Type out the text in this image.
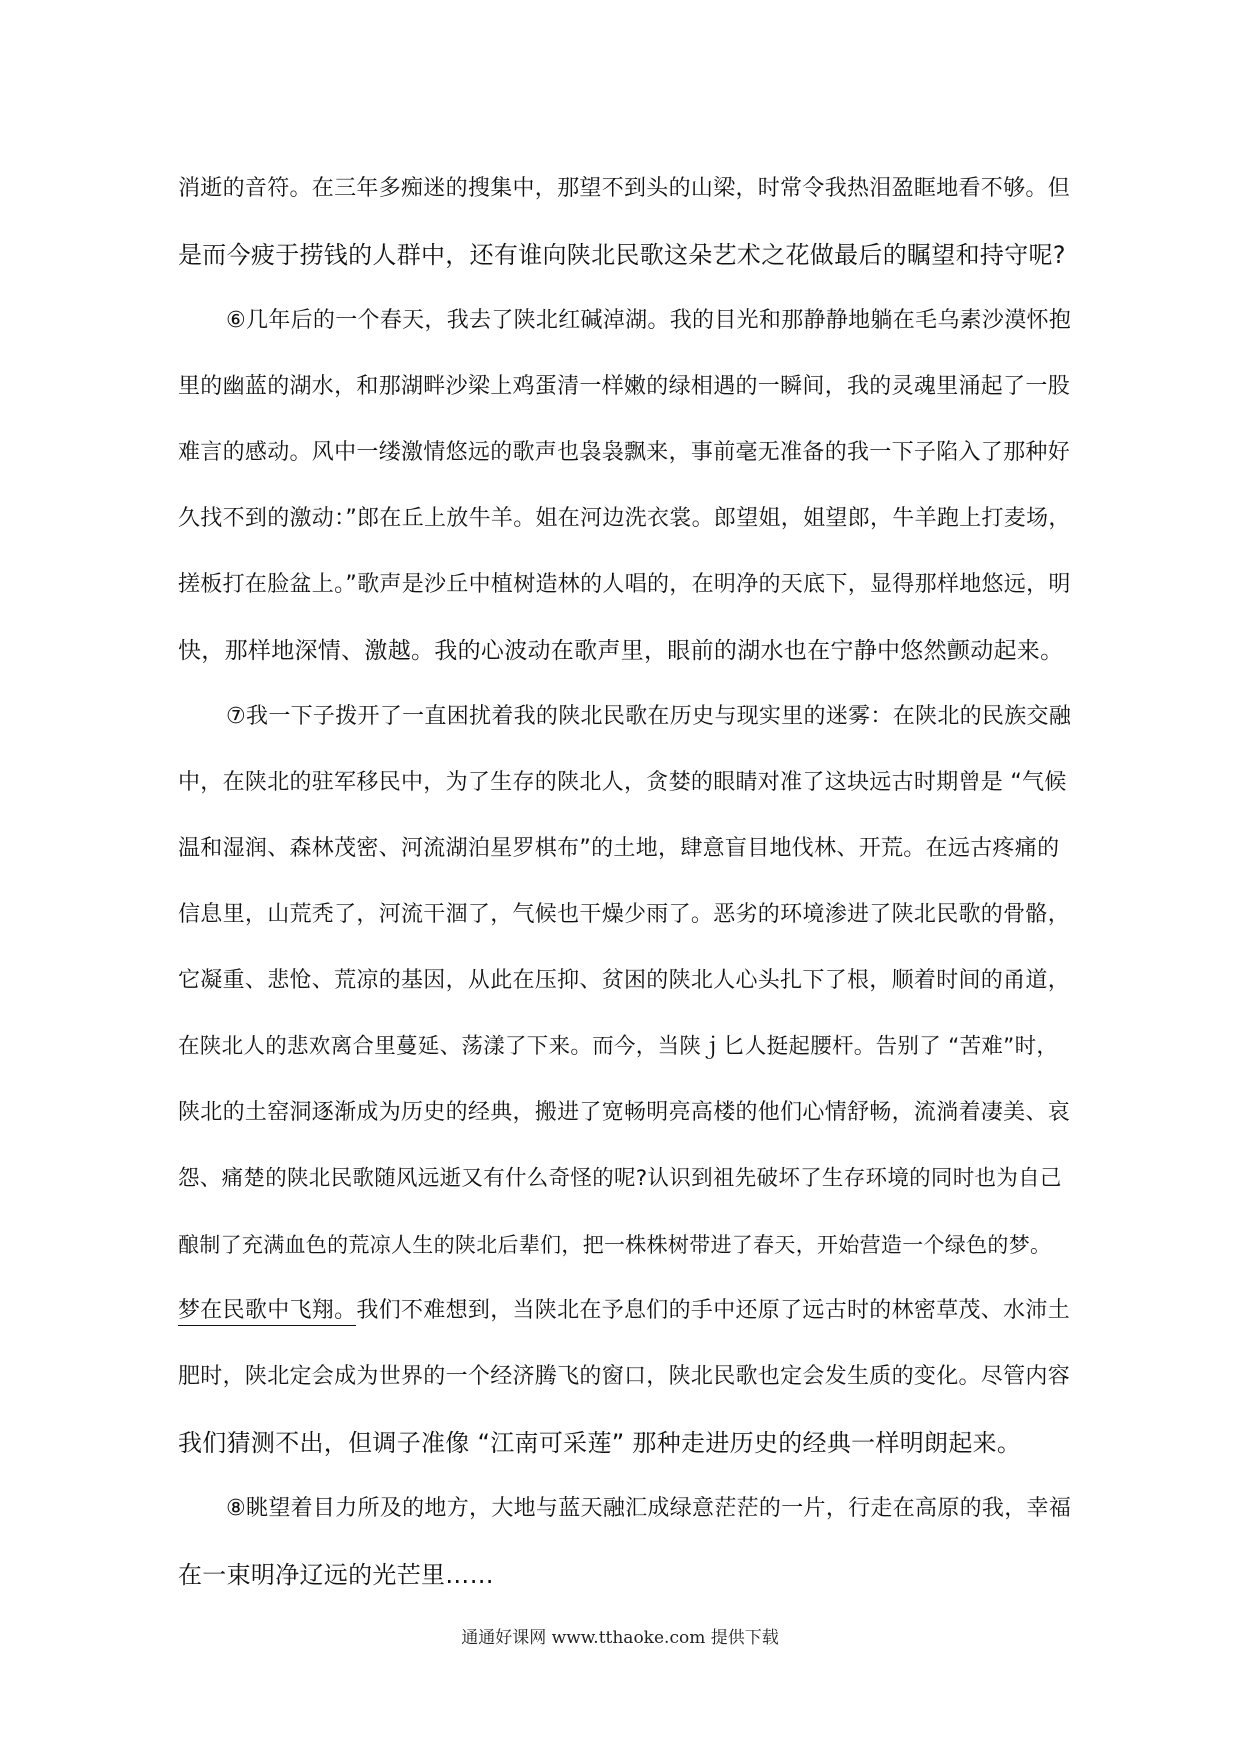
消逝的音符。在三年多痴迷的搜集中，那望不到头的山梁，时常令我热泪盈眶地看不够。但
是而今疲于捞钱的人群中，还有谁向陕北民歌这朵艺术之花做最后的瞩望和持守呢?
⑥几年后的一个春天，我去了陕北红碱淖湖。我的目光和那静静地躺在毛乌素沙漠怀抱
里的幽蓝的湖水，和那湖畔沙梁上鸡蛋清一样嫩的绿相遇的一瞬间，我的灵魂里涌起了一股
难言的感动。风中一缕激情悠远的歌声也袅袅飘来，事前毫无准备的我一下子陷入了那种好
久找不到的激动：”郎在丘上放牛羊。姐在河边洗衣裳。郎望姐，姐望郎，牛羊跑上打麦场，
搓板打在脸盆上。”歌声是沙丘中植树造林的人唱的，在明净的天底下，显得那样地悠远，明
快，那样地深情、激越。我的心波动在歌声里，眼前的湖水也在宁静中悠然颤动起来。
⑦我一下子拨开了一直困扰着我的陕北民歌在历史与现实里的迷雾：在陕北的民族交融
中，在陕北的驻军移民中，为了生存的陕北人，贪婪的眼睛对准了这块远古时期曾是 “气候
温和湿润、森林茂密、河流湖泊星罗棋布”的土地，肆意盲目地伐林、开荒。在远古疼痛的
信息里，山荒秃了，河流干涸了，气候也干燥少雨了。恶劣的环境渗进了陕北民歌的骨骼，
它凝重、悲怆、荒凉的基因，从此在压抑、贫困的陕北人心头扎下了根，顺着时间的甬道，
在陕北人的悲欢离合里蔓延、荡漾了下来。而今，当陕ｊ匕人挺起腰杆。告别了 “苦难”时，
陕北的土窑洞逐渐成为历史的经典，搬进了宽畅明亮高楼的他们心情舒畅，流淌着凄美、哀
怨、痛楚的陕北民歌随风远逝又有什么奇怪的呢?认识到祖先破坏了生存环境的同时也为自己
酿制了充满血色的荒凉人生的陕北后辈们，把一株株树带进了春天，开始营造一个绿色的梦。
梦在民歌中飞翔。我们不难想到，当陕北在予息们的手中还原了远古时的林密草茂、水沛土
肥时，陕北定会成为世界的一个经济腾飞的窗口，陕北民歌也定会发生质的变化。尽管内容
我们猜测不出，但调子准像 “江南可采莲” 那种走进历史的经典一样明朗起来。
⑧眺望着目力所及的地方，大地与蓝天融汇成绿意茫茫的一片，行走在高原的我，幸福
在一束明净辽远的光芒里……
通通好课网 www.tthaoke.com 提供下载
